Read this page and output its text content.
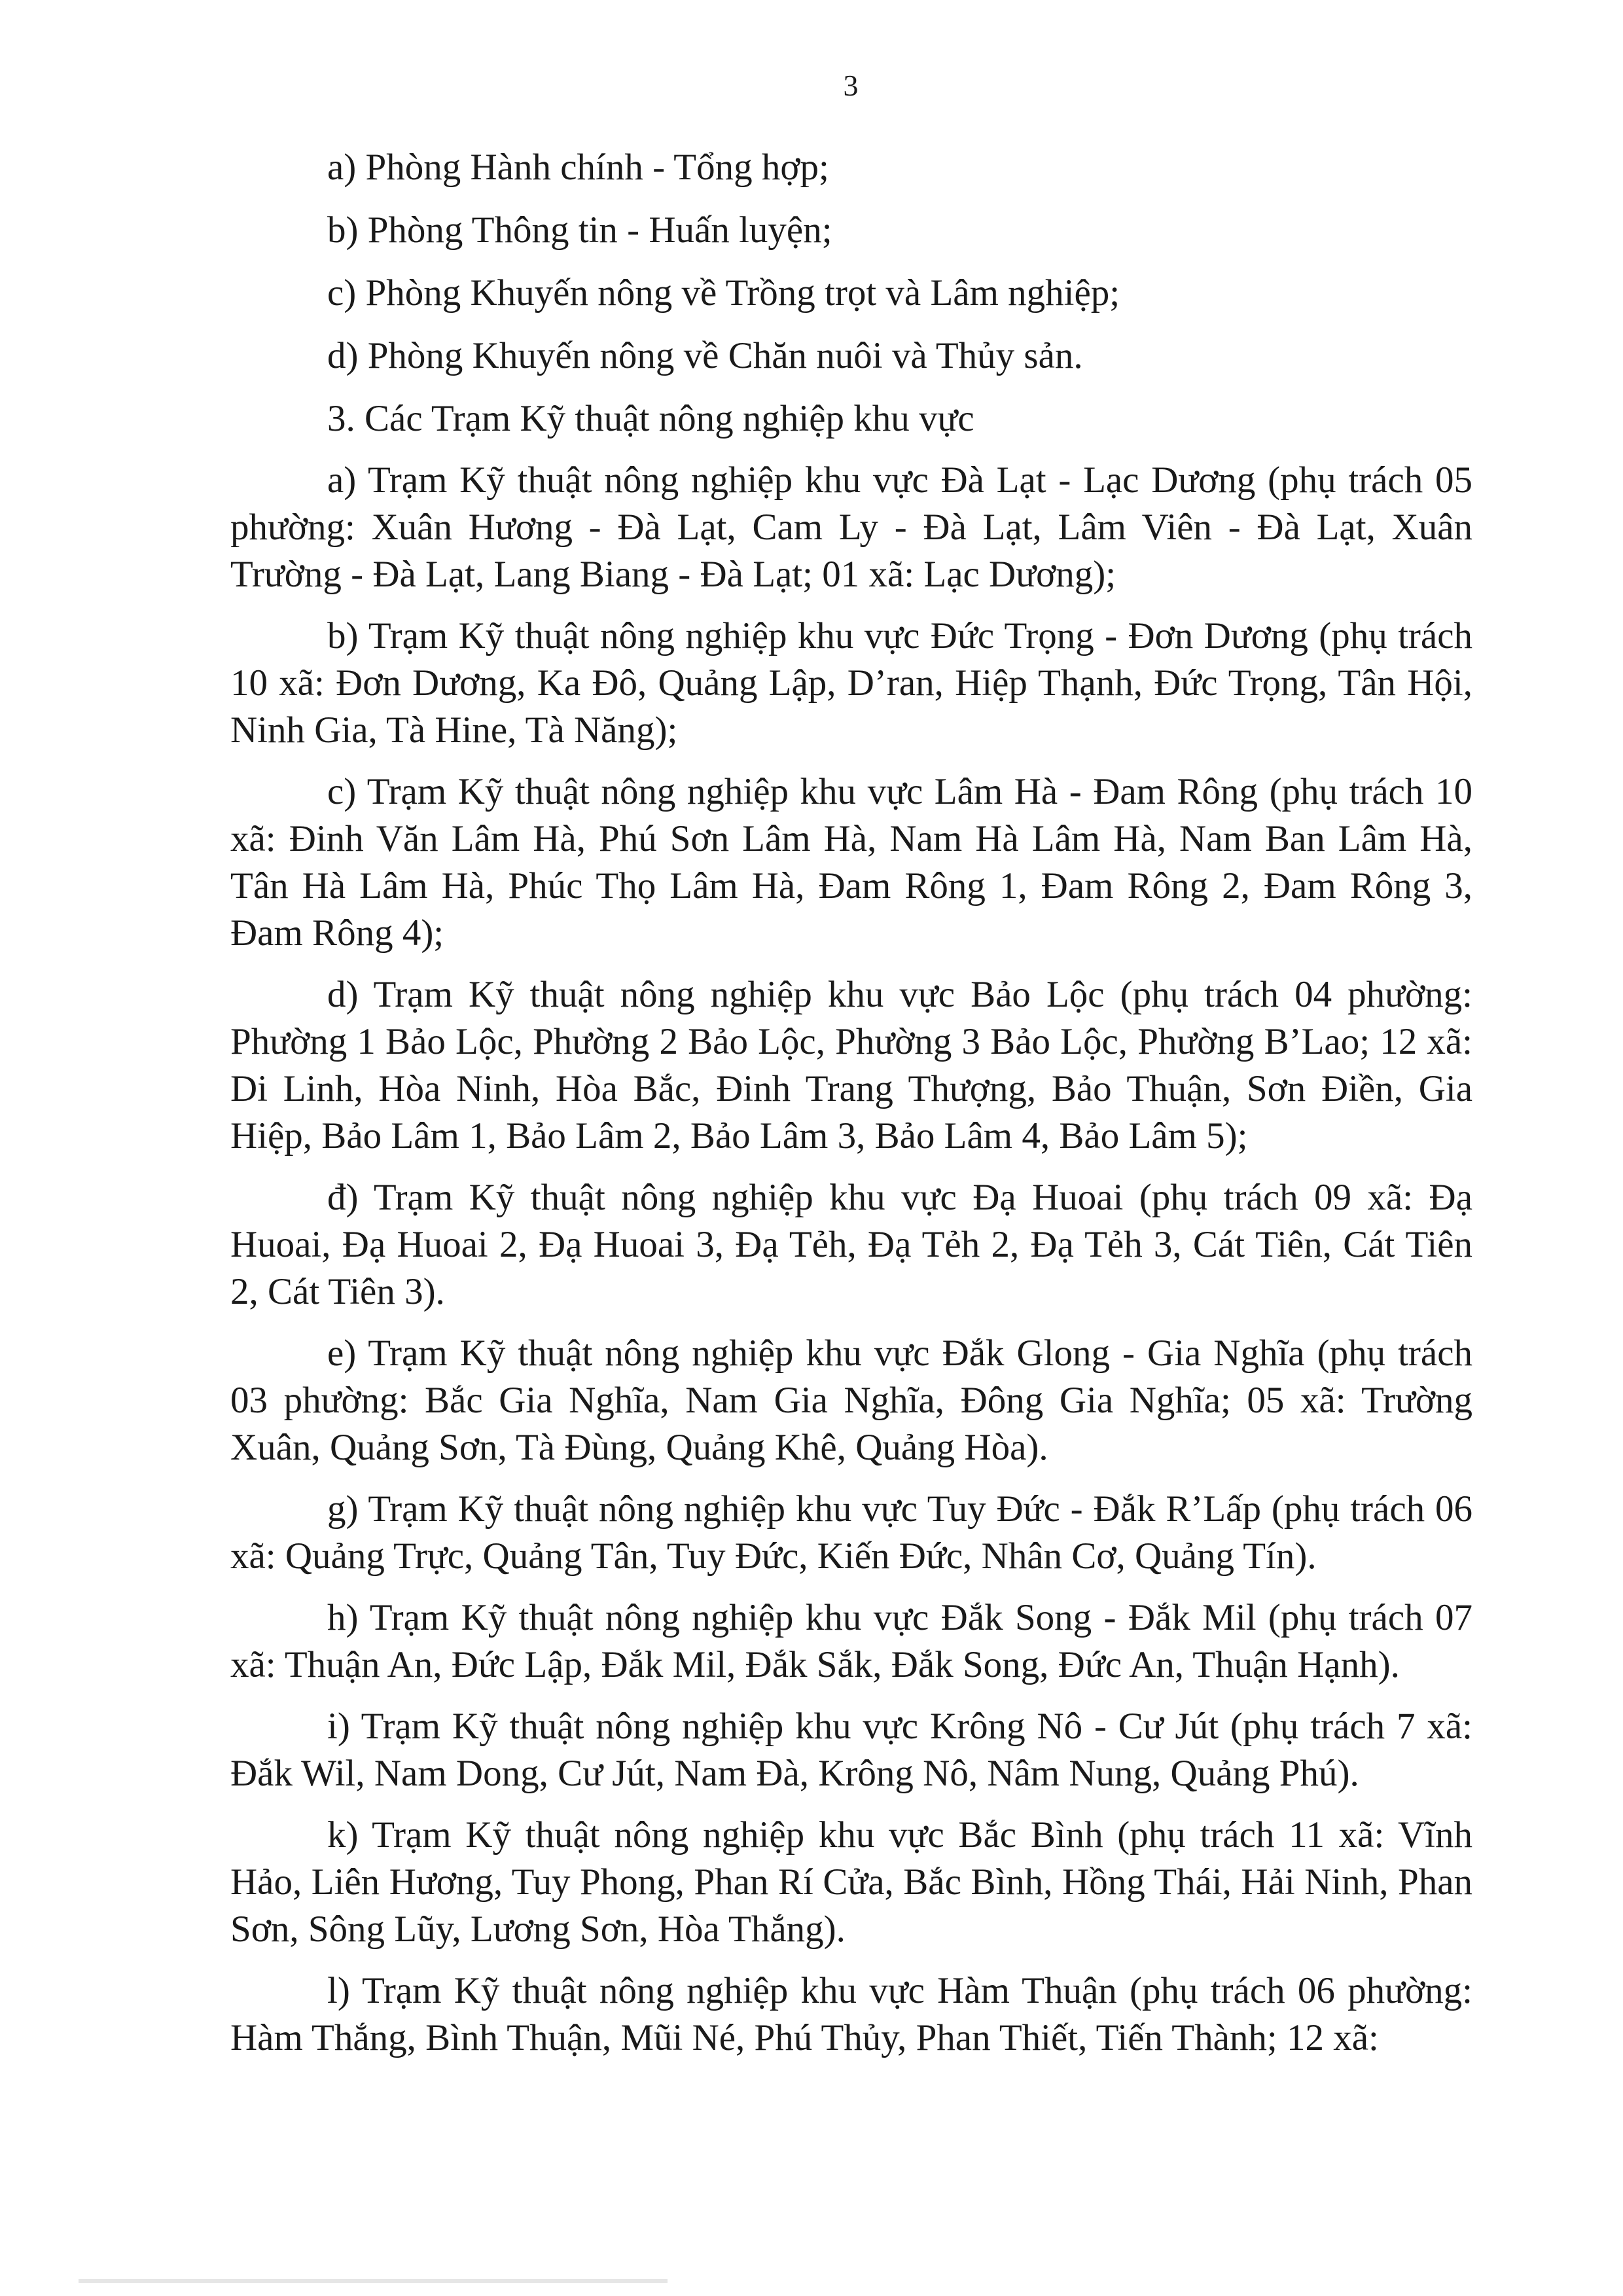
3

a) Phòng Hành chính - Tổng hợp;

b) Phòng Thông tin - Huấn luyện;

c) Phòng Khuyến nông về Trồng trọt và Lâm nghiệp;

d) Phòng Khuyến nông về Chăn nuôi và Thủy sản.

3. Các Trạm Kỹ thuật nông nghiệp khu vực

a) Trạm Kỹ thuật nông nghiệp khu vực Đà Lạt - Lạc Dương (phụ trách 05 phường: Xuân Hương - Đà Lạt, Cam Ly - Đà Lạt, Lâm Viên - Đà Lạt, Xuân Trường - Đà Lạt, Lang Biang - Đà Lạt; 01 xã: Lạc Dương);

b) Trạm Kỹ thuật nông nghiệp khu vực Đức Trọng - Đơn Dương (phụ trách 10 xã: Đơn Dương, Ka Đô, Quảng Lập, D’ran, Hiệp Thạnh, Đức Trọng, Tân Hội, Ninh Gia, Tà Hine, Tà Năng);

c) Trạm Kỹ thuật nông nghiệp khu vực Lâm Hà - Đam Rông (phụ trách 10 xã: Đinh Văn Lâm Hà, Phú Sơn Lâm Hà, Nam Hà Lâm Hà, Nam Ban Lâm Hà, Tân Hà Lâm Hà, Phúc Thọ Lâm Hà, Đam Rông 1, Đam Rông 2, Đam Rông 3, Đam Rông 4);

d) Trạm Kỹ thuật nông nghiệp khu vực Bảo Lộc (phụ trách 04 phường: Phường 1 Bảo Lộc, Phường 2 Bảo Lộc, Phường 3 Bảo Lộc, Phường B’Lao; 12 xã: Di Linh, Hòa Ninh, Hòa Bắc, Đinh Trang Thượng, Bảo Thuận, Sơn Điền, Gia Hiệp, Bảo Lâm 1, Bảo Lâm 2, Bảo Lâm 3, Bảo Lâm 4, Bảo Lâm 5);

đ) Trạm Kỹ thuật nông nghiệp khu vực Đạ Huoai (phụ trách 09 xã: Đạ Huoai, Đạ Huoai 2, Đạ Huoai 3, Đạ Tẻh, Đạ Tẻh 2, Đạ Tẻh 3, Cát Tiên, Cát Tiên 2, Cát Tiên 3).

e) Trạm Kỹ thuật nông nghiệp khu vực Đắk Glong - Gia Nghĩa (phụ trách 03 phường: Bắc Gia Nghĩa, Nam Gia Nghĩa, Đông Gia Nghĩa; 05 xã: Trường Xuân, Quảng Sơn, Tà Đùng, Quảng Khê, Quảng Hòa).

g) Trạm Kỹ thuật nông nghiệp khu vực Tuy Đức - Đắk R’Lấp (phụ trách 06 xã: Quảng Trực, Quảng Tân, Tuy Đức, Kiến Đức, Nhân Cơ, Quảng Tín).

h) Trạm Kỹ thuật nông nghiệp khu vực Đắk Song - Đắk Mil (phụ trách 07 xã: Thuận An, Đức Lập, Đắk Mil, Đắk Sắk, Đắk Song, Đức An, Thuận Hạnh).

i) Trạm Kỹ thuật nông nghiệp khu vực Krông Nô - Cư Jút (phụ trách 7 xã: Đắk Wil, Nam Dong, Cư Jút, Nam Đà, Krông Nô, Nâm Nung, Quảng Phú).

k) Trạm Kỹ thuật nông nghiệp khu vực Bắc Bình (phụ trách 11 xã: Vĩnh Hảo, Liên Hương, Tuy Phong, Phan Rí Cửa, Bắc Bình, Hồng Thái, Hải Ninh, Phan Sơn, Sông Lũy, Lương Sơn, Hòa Thắng).

l) Trạm Kỹ thuật nông nghiệp khu vực Hàm Thuận (phụ trách 06 phường: Hàm Thắng, Bình Thuận, Mũi Né, Phú Thủy, Phan Thiết, Tiến Thành; 12 xã:
